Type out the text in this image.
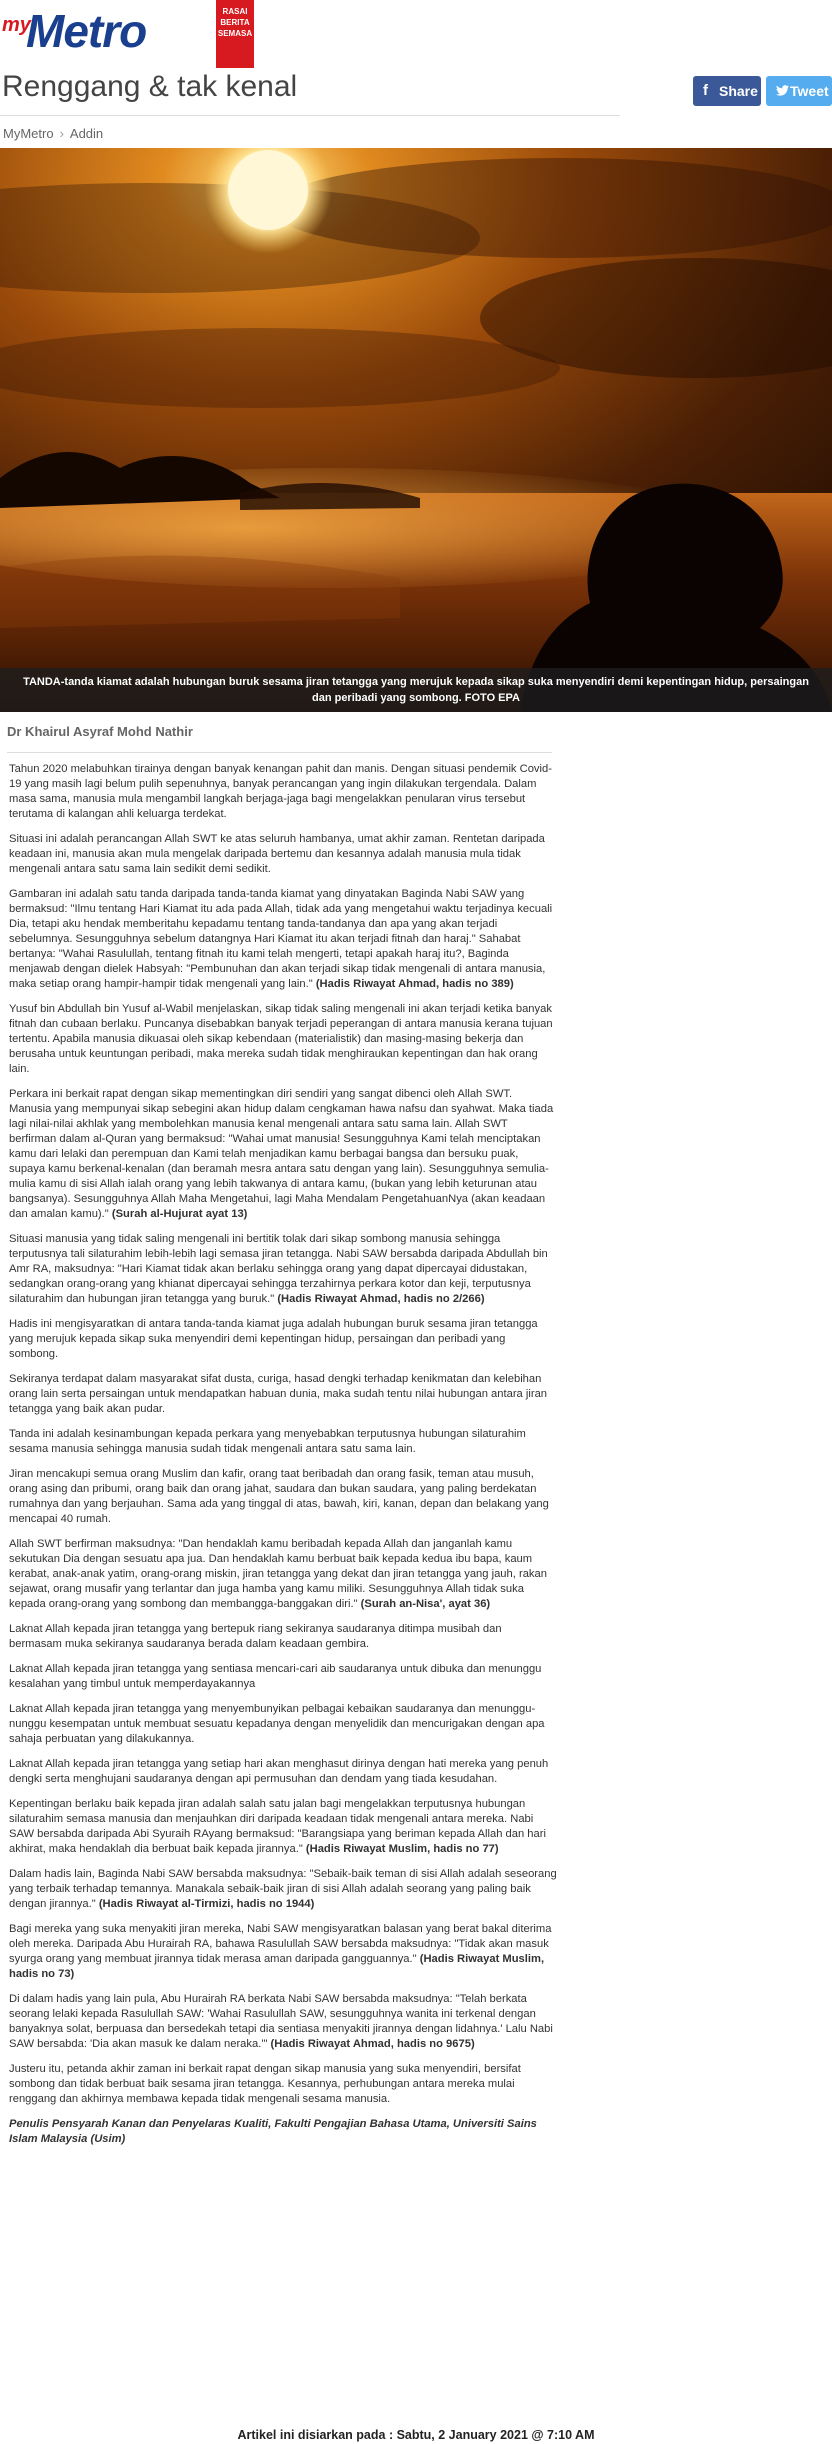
my
Metro	RASAI BERITA SEMASA
Renggang & tak kenal	f Share Tweet
MyMetro › Addin
TANDA-tanda kiamat adalah hubungan buruk sesama jiran tetangga yang merujuk kepada sikap suka menyendiri demi kepentingan hidup, persaingan dan peribadi yang sombong. FOTO EPA
Dr Khairul Asyraf Mohd Nathir

Tahun 2020 melabuhkan tirainya dengan banyak kenangan pahit dan manis. Dengan situasi pendemik Covid-19 yang masih lagi belum pulih sepenuhnya, banyak perancangan yang ingin dilakukan tergendala. Dalam masa sama, manusia mula mengambil langkah berjaga-jaga bagi mengelakkan penularan virus tersebut terutama di kalangan ahli keluarga terdekat.

Situasi ini adalah perancangan Allah SWT ke atas seluruh hambanya, umat akhir zaman. Rentetan daripada keadaan ini, manusia akan mula mengelak daripada bertemu dan kesannya adalah manusia mula tidak mengenali antara satu sama lain sedikit demi sedikit.

Gambaran ini adalah satu tanda daripada tanda-tanda kiamat yang dinyatakan Baginda Nabi SAW yang bermaksud: "Ilmu tentang Hari Kiamat itu ada pada Allah, tidak ada yang mengetahui waktu terjadinya kecuali Dia, tetapi aku hendak memberitahu kepadamu tentang tanda-tandanya dan apa yang akan terjadi sebelumnya. Sesungguhnya sebelum datangnya Hari Kiamat itu akan terjadi fitnah dan haraj." Sahabat bertanya: "Wahai Rasulullah, tentang fitnah itu kami telah mengerti, tetapi apakah haraj itu?, Baginda menjawab dengan dielek Habsyah: "Pembunuhan dan akan terjadi sikap tidak mengenali di antara manusia, maka setiap orang hampir-hampir tidak mengenali yang lain." (Hadis Riwayat Ahmad, hadis no 389)

Yusuf bin Abdullah bin Yusuf al-Wabil menjelaskan, sikap tidak saling mengenali ini akan terjadi ketika banyak fitnah dan cubaan berlaku. Puncanya disebabkan banyak terjadi peperangan di antara manusia kerana tujuan tertentu. Apabila manusia dikuasai oleh sikap kebendaan (materialistik) dan masing-masing bekerja dan berusaha untuk keuntungan peribadi, maka mereka sudah tidak menghiraukan kepentingan dan hak orang lain.

Perkara ini berkait rapat dengan sikap mementingkan diri sendiri yang sangat dibenci oleh Allah SWT. Manusia yang mempunyai sikap sebegini akan hidup dalam cengkaman hawa nafsu dan syahwat. Maka tiada lagi nilai-nilai akhlak yang membolehkan manusia kenal mengenali antara satu sama lain. Allah SWT berfirman dalam al-Quran yang bermaksud: "Wahai umat manusia! Sesungguhnya Kami telah menciptakan kamu dari lelaki dan perempuan dan Kami telah menjadikan kamu berbagai bangsa dan bersuku puak, supaya kamu berkenal-kenalan (dan beramah mesra antara satu dengan yang lain). Sesungguhnya semulia-mulia kamu di sisi Allah ialah orang yang lebih takwanya di antara kamu, (bukan yang lebih keturunan atau bangsanya). Sesungguhnya Allah Maha Mengetahui, lagi Maha Mendalam PengetahuanNya (akan keadaan dan amalan kamu)." (Surah al-Hujurat ayat 13)

Situasi manusia yang tidak saling mengenali ini bertitik tolak dari sikap sombong manusia sehingga terputusnya tali silaturahim lebih-lebih lagi semasa jiran tetangga. Nabi SAW bersabda daripada Abdullah bin Amr RA, maksudnya: "Hari Kiamat tidak akan berlaku sehingga orang yang dapat dipercayai didustakan, sedangkan orang-orang yang khianat dipercayai sehingga terzahirnya perkara kotor dan keji, terputusnya silaturahim dan hubungan jiran tetangga yang buruk." (Hadis Riwayat Ahmad, hadis no 2/266)

Hadis ini mengisyaratkan di antara tanda-tanda kiamat juga adalah hubungan buruk sesama jiran tetangga yang merujuk kepada sikap suka menyendiri demi kepentingan hidup, persaingan dan peribadi yang sombong.

Sekiranya terdapat dalam masyarakat sifat dusta, curiga, hasad dengki terhadap kenikmatan dan kelebihan orang lain serta persaingan untuk mendapatkan habuan dunia, maka sudah tentu nilai hubungan antara jiran tetangga yang baik akan pudar.

Tanda ini adalah kesinambungan kepada perkara yang menyebabkan terputusnya hubungan silaturahim sesama manusia sehingga manusia sudah tidak mengenali antara satu sama lain.

Jiran mencakupi semua orang Muslim dan kafir, orang taat beribadah dan orang fasik, teman atau musuh, orang asing dan pribumi, orang baik dan orang jahat, saudara dan bukan saudara, yang paling berdekatan rumahnya dan yang berjauhan. Sama ada yang tinggal di atas, bawah, kiri, kanan, depan dan belakang yang mencapai 40 rumah.

Allah SWT berfirman maksudnya: "Dan hendaklah kamu beribadah kepada Allah dan janganlah kamu sekutukan Dia dengan sesuatu apa jua. Dan hendaklah kamu berbuat baik kepada kedua ibu bapa, kaum kerabat, anak-anak yatim, orang-orang miskin, jiran tetangga yang dekat dan jiran tetangga yang jauh, rakan sejawat, orang musafir yang terlantar dan juga hamba yang kamu miliki. Sesungguhnya Allah tidak suka kepada orang-orang yang sombong dan membangga-banggakan diri." (Surah an-Nisa', ayat 36)

Laknat Allah kepada jiran tetangga yang bertepuk riang sekiranya saudaranya ditimpa musibah dan bermasam muka sekiranya saudaranya berada dalam keadaan gembira.

Laknat Allah kepada jiran tetangga yang sentiasa mencari-cari aib saudaranya untuk dibuka dan menunggu kesalahan yang timbul untuk memperdayakannya

Laknat Allah kepada jiran tetangga yang menyembunyikan pelbagai kebaikan saudaranya dan menunggu-nunggu kesempatan untuk membuat sesuatu kepadanya dengan menyelidik dan mencurigakan dengan apa sahaja perbuatan yang dilakukannya.

Laknat Allah kepada jiran tetangga yang setiap hari akan menghasut dirinya dengan hati mereka yang penuh dengki serta menghujani saudaranya dengan api permusuhan dan dendam yang tiada kesudahan.

Kepentingan berlaku baik kepada jiran adalah salah satu jalan bagi mengelakkan terputusnya hubungan silaturahim semasa manusia dan menjauhkan diri daripada keadaan tidak mengenali antara mereka. Nabi SAW bersabda daripada Abi Syuraih RAyang bermaksud: "Barangsiapa yang beriman kepada Allah dan hari akhirat, maka hendaklah dia berbuat baik kepada jirannya." (Hadis Riwayat Muslim, hadis no 77)

Dalam hadis lain, Baginda Nabi SAW bersabda maksudnya: "Sebaik-baik teman di sisi Allah adalah seseorang yang terbaik terhadap temannya. Manakala sebaik-baik jiran di sisi Allah adalah seorang yang paling baik dengan jirannya." (Hadis Riwayat al-Tirmizi, hadis no 1944)

Bagi mereka yang suka menyakiti jiran mereka, Nabi SAW mengisyaratkan balasan yang berat bakal diterima oleh mereka. Daripada Abu Hurairah RA, bahawa Rasulullah SAW bersabda maksudnya: "Tidak akan masuk syurga orang yang membuat jirannya tidak merasa aman daripada gangguannya." (Hadis Riwayat Muslim, hadis no 73)

Di dalam hadis yang lain pula, Abu Hurairah RA berkata Nabi SAW bersabda maksudnya: "Telah berkata seorang lelaki kepada Rasulullah SAW: 'Wahai Rasulullah SAW, sesungguhnya wanita ini terkenal dengan banyaknya solat, berpuasa dan bersedekah tetapi dia sentiasa menyakiti jirannya dengan lidahnya.' Lalu Nabi SAW bersabda: 'Dia akan masuk ke dalam neraka.'" (Hadis Riwayat Ahmad, hadis no 9675)

Justeru itu, petanda akhir zaman ini berkait rapat dengan sikap manusia yang suka menyendiri, bersifat sombong dan tidak berbuat baik sesama jiran tetangga. Kesannya, perhubungan antara mereka mulai renggang dan akhirnya membawa kepada tidak mengenali sesama manusia.

Penulis Pensyarah Kanan dan Penyelaras Kualiti, Fakulti Pengajian Bahasa Utama, Universiti Sains Islam Malaysia (Usim)

Artikel ini disiarkan pada : Sabtu, 2 January 2021 @ 7:10 AM
